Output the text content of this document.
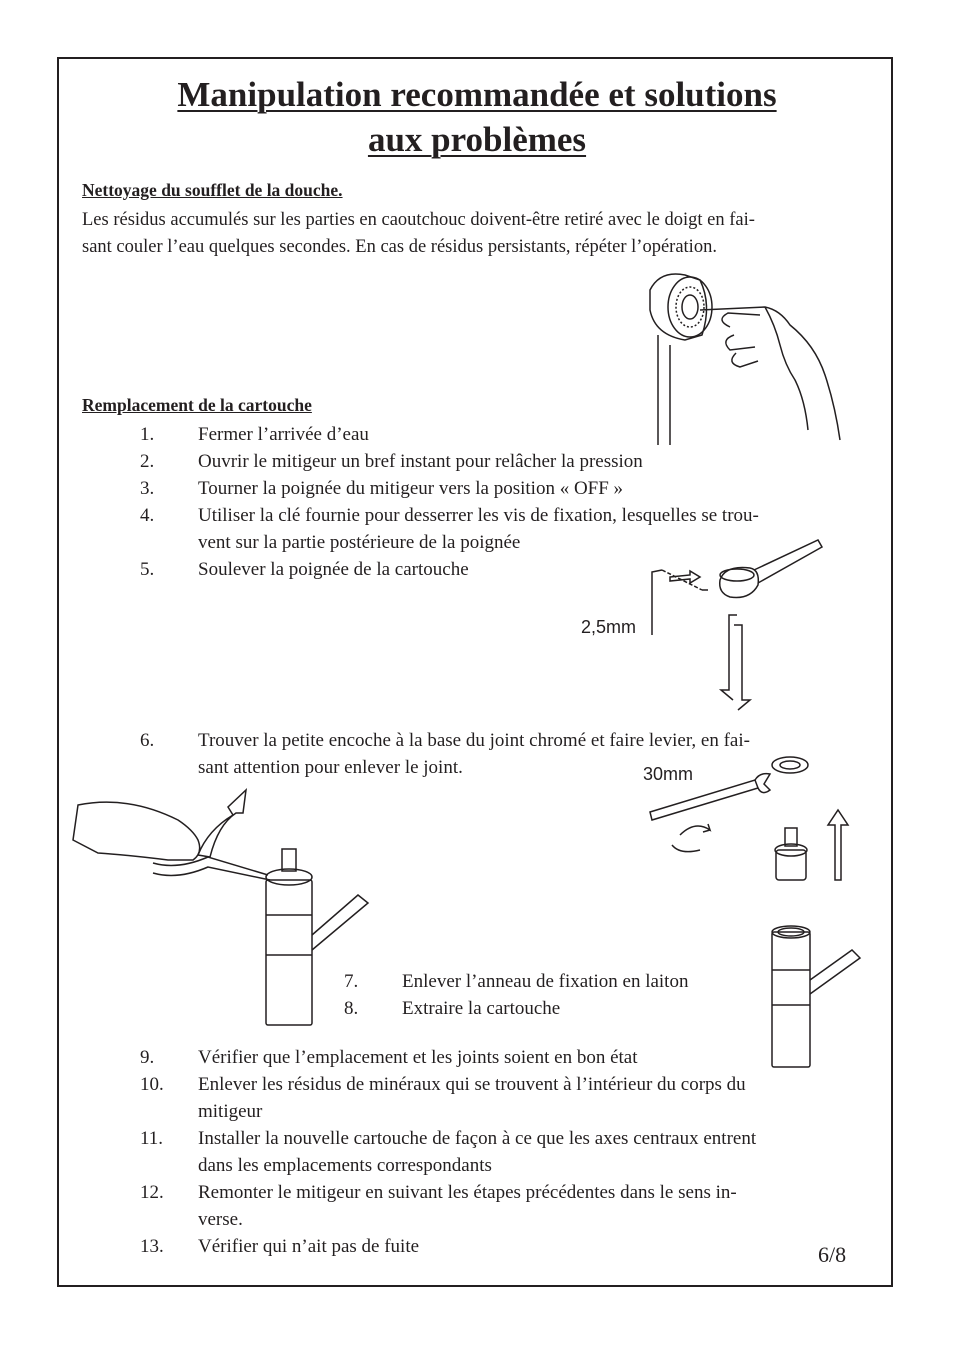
Manipulation recommandée et solutions
aux problèmes
Nettoyage du soufflet de la douche.
Les résidus accumulés sur les parties en caoutchouc doivent-être retiré avec le doigt en fai-
sant couler l’eau quelques secondes. En cas de résidus persistants, répéter l’opération.
Remplacement de la cartouche
1.	Fermer l’arrivée d’eau
2.	Ouvrir le mitigeur un bref instant pour relâcher la pression
3.	Tourner la poignée du mitigeur vers la position « OFF »
4.	Utiliser la clé fournie pour desserrer les vis de fixation, lesquelles se trou-
vent sur la partie postérieure de la poignée
5.	Soulever la poignée de la cartouche
6.	Trouver la petite encoche à la base du joint chromé et faire levier, en fai-
sant attention pour enlever le joint.
7.	Enlever l’anneau de fixation en laiton
8.	Extraire la cartouche
9.	Vérifier que l’emplacement et les joints soient en bon état
10.	Enlever les résidus de minéraux qui se trouvent à l’intérieur du corps du
mitigeur
11.	Installer la nouvelle cartouche de façon à ce que les axes centraux entrent
dans les emplacements correspondants
12.	Remonter le mitigeur en suivant les étapes précédentes dans le sens in-
verse.
13.	Vérifier qui n’ait pas de fuite	6/8
2,5mm
30mm
